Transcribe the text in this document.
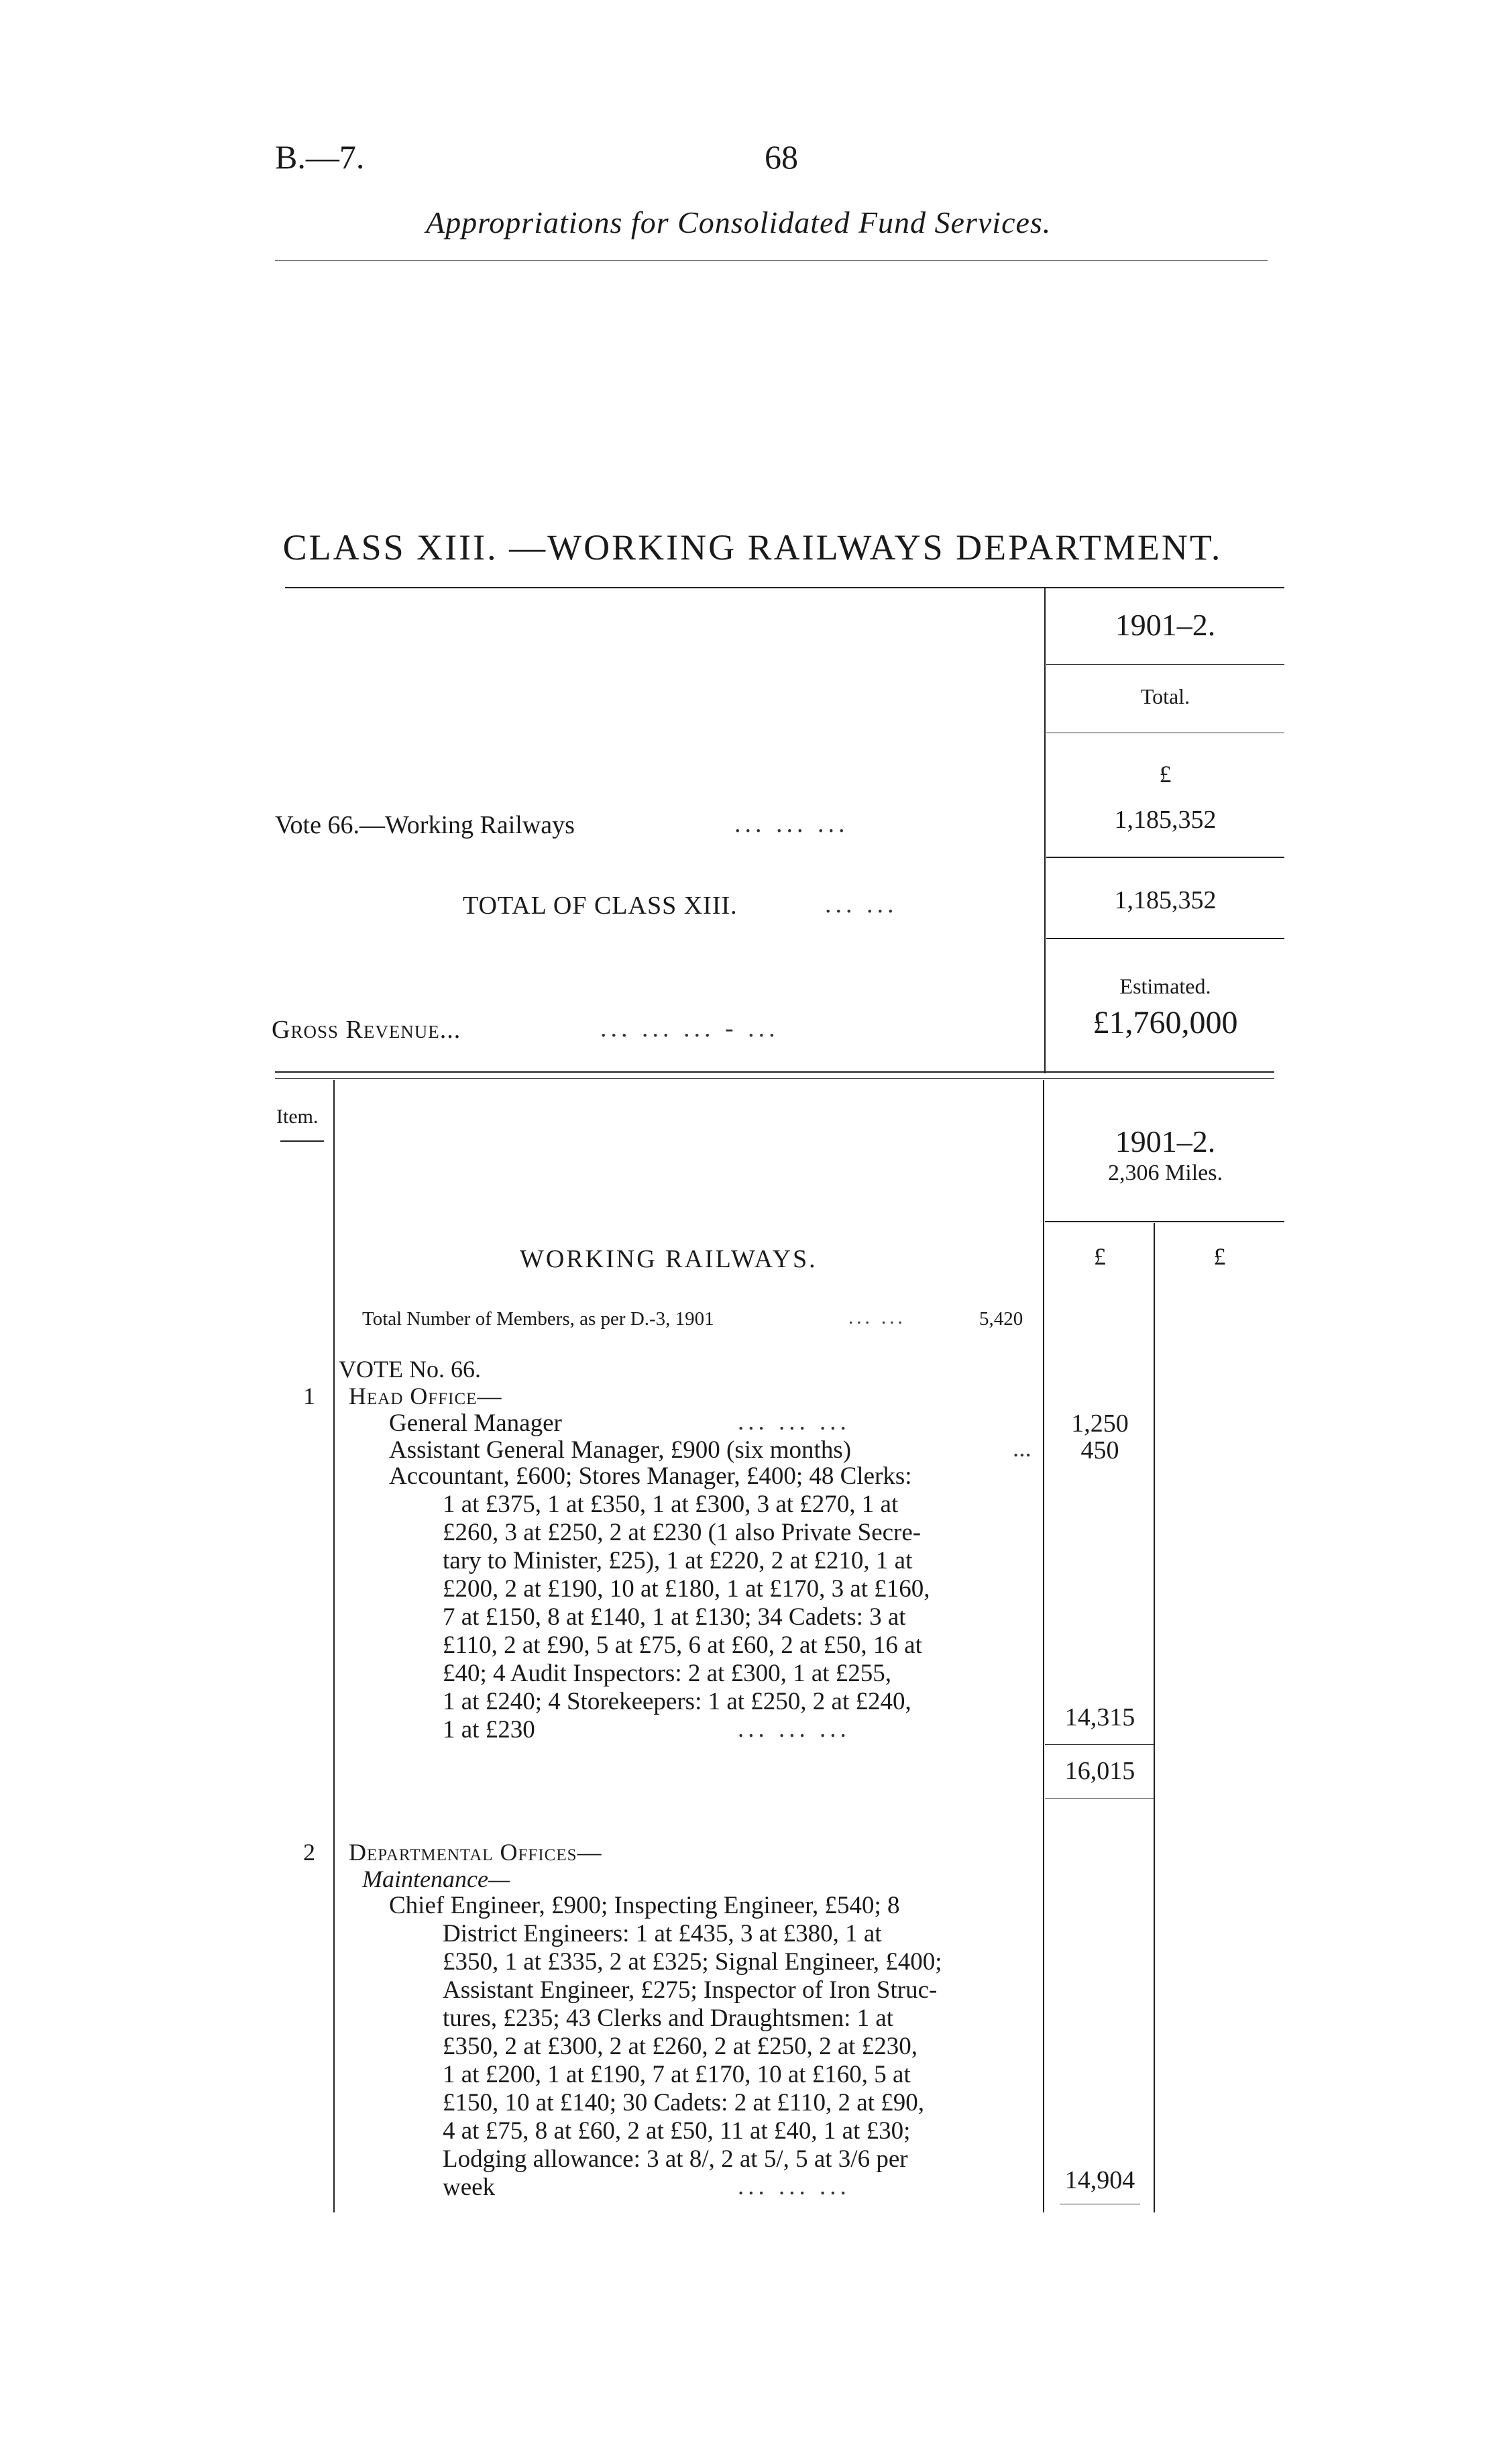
B.—7.	68
Appropriations for Consolidated Fund Services.
CLASS XIII. —WORKING RAILWAYS DEPARTMENT.
1901–2.
Total.
£
Vote 66.—Working Railways	... ... ...	1,185,352
TOTAL OF CLASS XIII.	... ...	1,185,352
Estimated.
Gross Revenue...	... ... ... - ...	£1,760,000
Item.
1901–2.
2,306 Miles.
WORKING RAILWAYS.	£	£
Total Number of Members, as per D.-3, 1901	... ...	5,420
VOTE No. 66.
1 Head Office—
General Manager	... ... ...	1,250
Assistant General Manager, £900 (six months)	...	450
Accountant, £600; Stores Manager, £400; 48 Clerks:
1 at £375, 1 at £350, 1 at £300, 3 at £270, 1 at
£260, 3 at £250, 2 at £230 (1 also Private Secre-
tary to Minister, £25), 1 at £220, 2 at £210, 1 at
£200, 2 at £190, 10 at £180, 1 at £170, 3 at £160,
7 at £150, 8 at £140, 1 at £130; 34 Cadets: 3 at
£110, 2 at £90, 5 at £75, 6 at £60, 2 at £50, 16 at
£40; 4 Audit Inspectors: 2 at £300, 1 at £255,
1 at £240; 4 Storekeepers: 1 at £250, 2 at £240,
1 at £230	... ... ...	14,315
16,015
2 Departmental Offices—
Maintenance—
Chief Engineer, £900; Inspecting Engineer, £540; 8
District Engineers: 1 at £435, 3 at £380, 1 at
£350, 1 at £335, 2 at £325; Signal Engineer, £400;
Assistant Engineer, £275; Inspector of Iron Struc-
tures, £235; 43 Clerks and Draughtsmen: 1 at
£350, 2 at £300, 2 at £260, 2 at £250, 2 at £230,
1 at £200, 1 at £190, 7 at £170, 10 at £160, 5 at
£150, 10 at £140; 30 Cadets: 2 at £110, 2 at £90,
4 at £75, 8 at £60, 2 at £50, 11 at £40, 1 at £30;
Lodging allowance: 3 at 8/, 2 at 5/, 5 at 3/6 per
week	... ... ...	14,904
